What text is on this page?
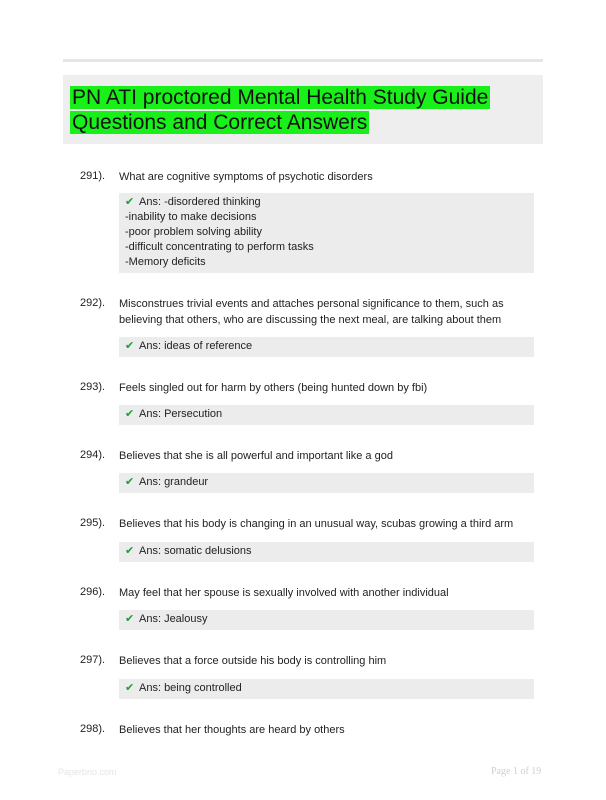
PN ATI proctored Mental Health Study Guide
Questions and Correct Answers
291). What are cognitive symptoms of psychotic disorders
✔ Ans: -disordered thinking
-inability to make decisions
-poor problem solving ability
-difficult concentrating to perform tasks
-Memory deficits
292). Misconstrues trivial events and attaches personal significance to them, such as believing that others, who are discussing the next meal, are talking about them
✔ Ans: ideas of reference
293). Feels singled out for harm by others (being hunted down by fbi)
✔ Ans: Persecution
294). Believes that she is all powerful and important like a god
✔ Ans: grandeur
295). Believes that his body is changing in an unusual way, scubas growing a third arm
✔ Ans: somatic delusions
296). May feel that her spouse is sexually involved with another individual
✔ Ans: Jealousy
297). Believes that a force outside his body is controlling him
✔ Ans: being controlled
298). Believes that her thoughts are heard by others
Paperbrio.com	Page 1 of 19
